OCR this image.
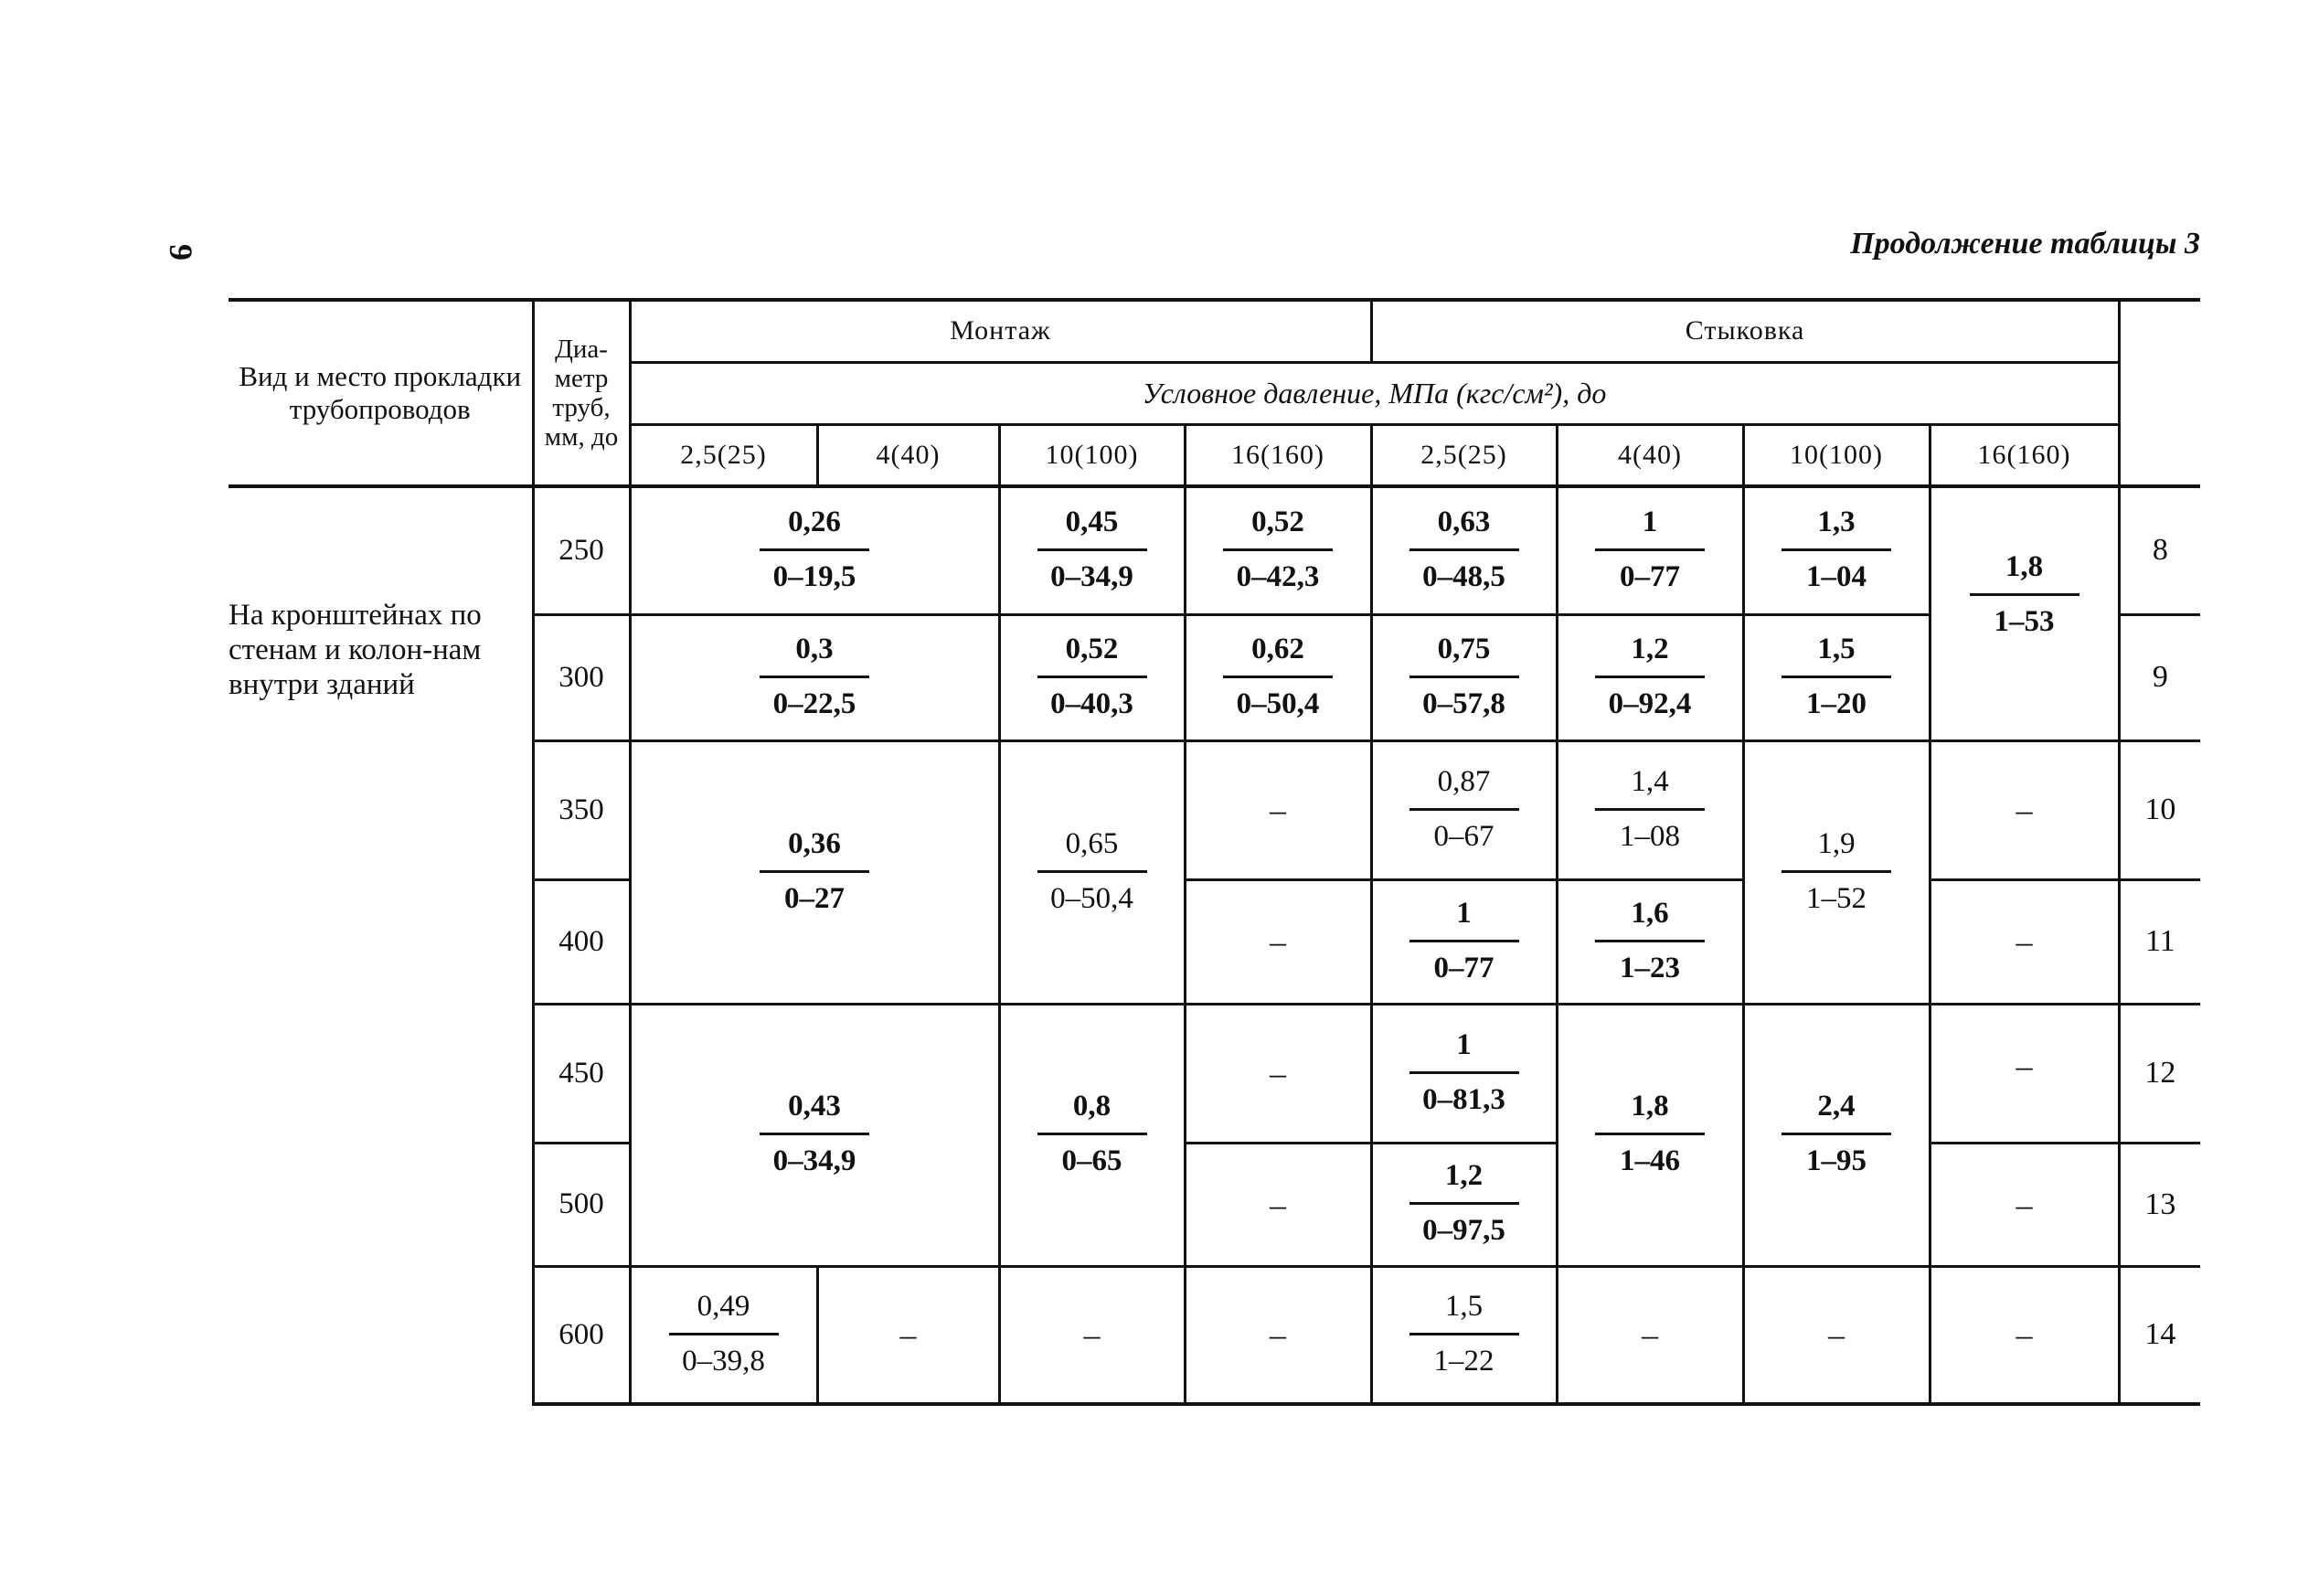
9	Продолжение таблицы 3
Вид и место прокладки трубопроводов	Диа-метр труб, мм, до	Монтаж				Стыковка				
		Условное давление, МПа (кгс/см²), до								
		2,5(25)	4(40)	10(100)	16(160)	2,5(25)	4(40)	10(100)	16(160)	
На кронштейнах по стенам и колон-нам внутри зданий	250	$\frac{0,26}{0-19,5}$		$\frac{0,45}{0-34,9}$	$\frac{0,52}{0-42,3}$	$\frac{0,63}{0-48,5}$	$\frac{1}{0-77}$	$\frac{1,3}{1-04}$	$\frac{1,8}{1-53}$	8
	300	$\frac{0,3}{0-22,5}$		$\frac{0,52}{0-40,3}$	$\frac{0,62}{0-50,4}$	$\frac{0,75}{0-57,8}$	$\frac{1,2}{0-92,4}$	$\frac{1,5}{1-20}$		9
	350	$\frac{0,36}{0-27}$		$\frac{0,65}{0-50,4}$	–	$\frac{0,87}{0-67}$	$\frac{1,4}{1-08}$	$\frac{1,9}{1-52}$	–	10
	400				–	$\frac{1}{0-77}$	$\frac{1,6}{1-23}$		–	11
	450	$\frac{0,43}{0-34,9}$		$\frac{0,8}{0-65}$	–	$\frac{1}{0-81,3}$	$\frac{1,8}{1-46}$	$\frac{2,4}{1-95}$	–	12
	500				–	$\frac{1,2}{0-97,5}$			–	13
	600	$\frac{0,49}{0-39,8}$	–	–	–	$\frac{1,5}{1-22}$	–	–	–	14
